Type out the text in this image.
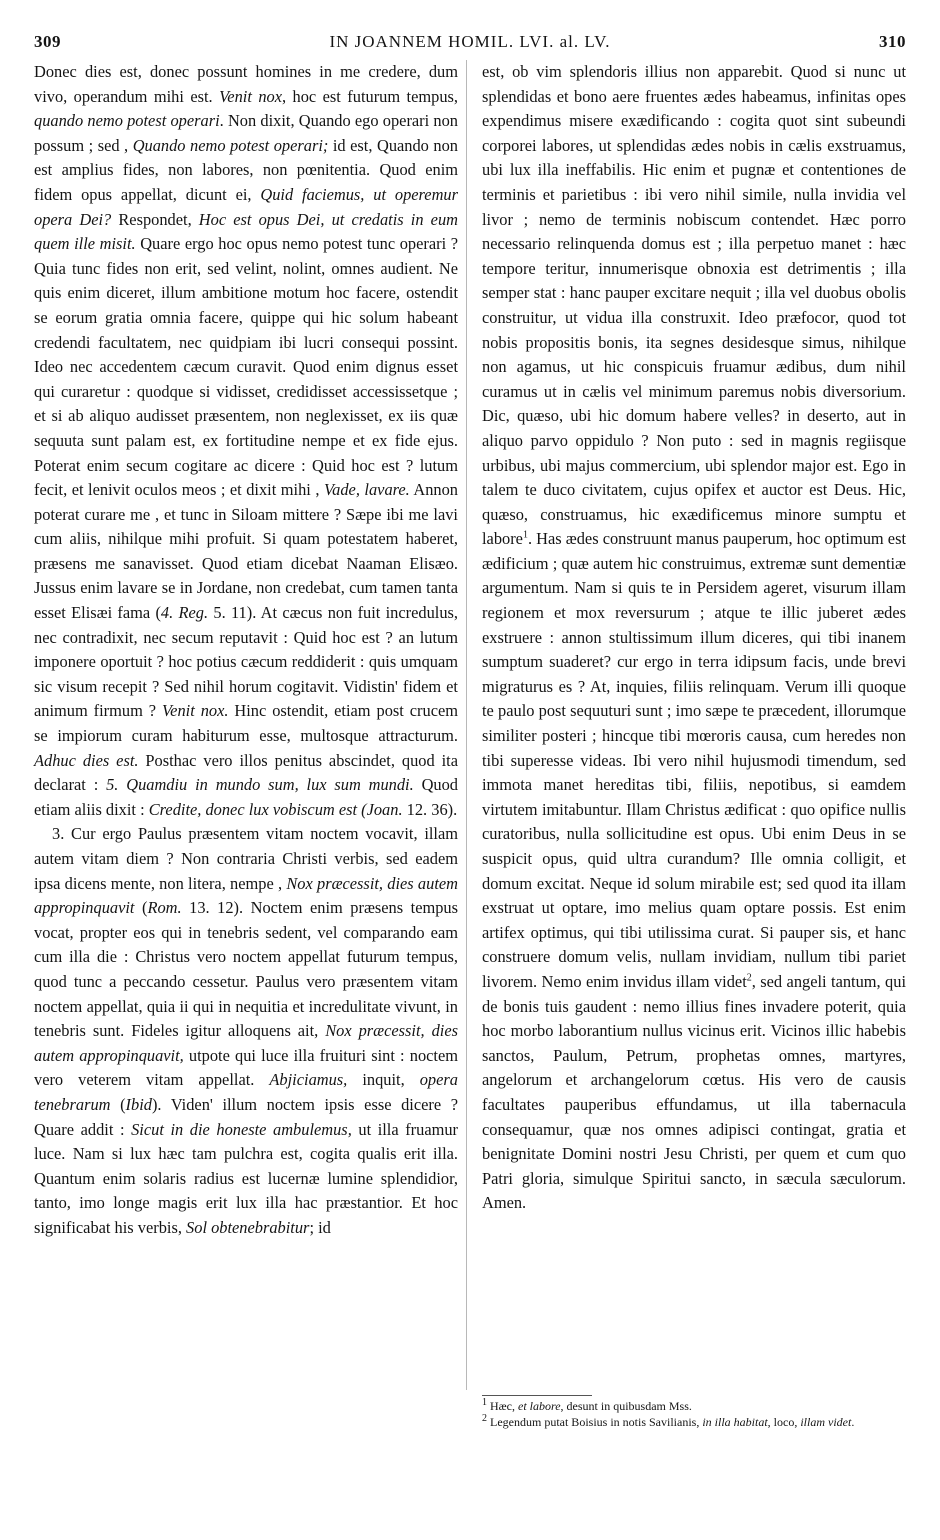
309	IN JOANNEM HOMIL. LVI. al. LV.	310

Donec dies est, donec possunt homines in me credere, dum vivo, operandum mihi est. Venit nox, hoc est futurum tempus, quando nemo potest operari. Non dixit, Quando ego operari non possum ; sed , Quando nemo potest operari; id est, Quando non est amplius fides, non labores, non pœnitentia. Quod enim fidem opus appellat, dicunt ei, Quid faciemus, ut operemur opera Dei? Respondet, Hoc est opus Dei, ut credatis in eum quem ille misit. Quare ergo hoc opus nemo potest tunc operari ? Quia tunc fides non erit, sed velint, nolint, omnes audient. Ne quis enim diceret, illum ambitione motum hoc facere, ostendit se eorum gratia omnia facere, quippe qui hic solum habeant credendi facultatem, nec quidpiam ibi lucri consequi possint. Ideo nec accedentem cæcum curavit. Quod enim dignus esset qui curaretur : quodque si vidisset, credidisset accessissetque ; et si ab aliquo audisset præsentem, non neglexisset, ex iis quæ sequuta sunt palam est, ex fortitudine nempe et ex fide ejus. Poterat enim secum cogitare ac dicere : Quid hoc est ? lutum fecit, et lenivit oculos meos ; et dixit mihi , Vade, lavare. Annon poterat curare me , et tunc in Siloam mittere ? Sæpe ibi me lavi cum aliis, nihilque mihi profuit. Si quam potestatem haberet, præsens me sanavisset. Quod etiam dicebat Naaman Elisæo. Jussus enim lavare se in Jordane, non credebat, cum tamen tanta esset Elisæi fama (4. Reg. 5. 11). At cæcus non fuit incredulus, nec contradixit, nec secum reputavit : Quid hoc est ? an lutum imponere oportuit ? hoc potius cæcum reddiderit : quis umquam sic visum recepit ? Sed nihil horum cogitavit. Vidistin' fidem et animum firmum ? Venit nox. Hinc ostendit, etiam post crucem se impiorum curam habiturum esse, multosque attracturum. Adhuc dies est. Posthac vero illos penitus abscindet, quod ita declarat : 5. Quamdiu in mundo sum, lux sum mundi. Quod etiam aliis dixit : Credite, donec lux vobiscum est (Joan. 12. 36).

3. Cur ergo Paulus præsentem vitam noctem vocavit, illam autem vitam diem ? Non contraria Christi verbis, sed eadem ipsa dicens mente, non litera, nempe , Nox præcessit, dies autem appropinquavit (Rom. 13. 12). Noctem enim præsens tempus vocat, propter eos qui in tenebris sedent, vel comparando eam cum illa die : Christus vero noctem appellat futurum tempus, quod tunc a peccando cessetur. Paulus vero præsentem vitam noctem appellat, quia ii qui in nequitia et incredulitate vivunt, in tenebris sunt. Fideles igitur alloquens ait, Nox præcessit, dies autem appropinquavit, utpote qui luce illa fruituri sint : noctem vero veterem vitam appellat. Abjiciamus, inquit, opera tenebrarum (Ibid). Viden' illum noctem ipsis esse dicere ? Quare addit : Sicut in die honeste ambulemus, ut illa fruamur luce. Nam si lux hæc tam pulchra est, cogita qualis erit illa. Quantum enim solaris radius est lucernæ lumine splendidior, tanto, imo longe magis erit lux illa hac præstantior. Et hoc significabat his verbis, Sol obtenebrabitur; id

est, ob vim splendoris illius non apparebit. Quod si nunc ut splendidas et bono aere fruentes ædes habeamus, infinitas opes expendimus misere exædificando : cogita quot sint subeundi corporei labores, ut splendidas ædes nobis in cælis exstruamus, ubi lux illa ineffabilis. Hic enim et pugnæ et contentiones de terminis et parietibus : ibi vero nihil simile, nulla invidia vel livor ; nemo de terminis nobiscum contendet. Hæc porro necessario relinquenda domus est ; illa perpetuo manet : hæc tempore teritur, innumerisque obnoxia est detrimentis ; illa semper stat : hanc pauper excitare nequit ; illa vel duobus obolis construitur, ut vidua illa construxit. Ideo præfocor, quod tot nobis propositis bonis, ita segnes desidesque simus, nihilque non agamus, ut hic conspicuis fruamur ædibus, dum nihil curamus ut in cælis vel minimum paremus nobis diversorium. Dic, quæso, ubi hic domum habere velles? in deserto, aut in aliquo parvo oppidulo ? Non puto : sed in magnis regiisque urbibus, ubi majus commercium, ubi splendor major est. Ego in talem te duco civitatem, cujus opifex et auctor est Deus. Hic, quæso, construamus, hic exædificemus minore sumptu et labore$^1$. Has ædes construunt manus pauperum, hoc optimum est ædificium ; quæ autem hic construimus, extremæ sunt dementiæ argumentum. Nam si quis te in Persidem ageret, visurum illam regionem et mox reversurum ; atque te illic juberet ædes exstruere : annon stultissimum illum diceres, qui tibi inanem sumptum suaderet? cur ergo in terra idipsum facis, unde brevi migraturus es ? At, inquies, filiis relinquam. Verum illi quoque te paulo post sequuturi sunt ; imo sæpe te præcedent, illorumque similiter posteri ; hincque tibi mœroris causa, cum heredes non tibi superesse videas. Ibi vero nihil hujusmodi timendum, sed immota manet hereditas tibi, filiis, nepotibus, si eamdem virtutem imitabuntur. Illam Christus ædificat : quo opifice nullis curatoribus, nulla sollicitudine est opus. Ubi enim Deus in se suspicit opus, quid ultra curandum? Ille omnia colligit, et domum excitat. Neque id solum mirabile est; sed quod ita illam exstruat ut optare, imo melius quam optare possis. Est enim artifex optimus, qui tibi utilissima curat. Si pauper sis, et hanc construere domum velis, nullam invidiam, nullum tibi pariet livorem. Nemo enim invidus illam videt$^2$, sed angeli tantum, qui de bonis tuis gaudent : nemo illius fines invadere poterit, quia hoc morbo laborantium nullus vicinus erit. Vicinos illic habebis sanctos, Paulum, Petrum, prophetas omnes, martyres, angelorum et archangelorum cœtus. His vero de causis facultates pauperibus effundamus, ut illa tabernacula consequamur, quæ nos omnes adipisci contingat, gratia et benignitate Domini nostri Jesu Christi, per quem et cum quo Patri gloria, simulque Spiritui sancto, in sæcula sæculorum. Amen.

$^1$ Hæc, et labore, desunt in quibusdam Mss.
$^2$ Legendum putat Boisius in notis Savilianis, in illa habitat, loco, illam videt.
